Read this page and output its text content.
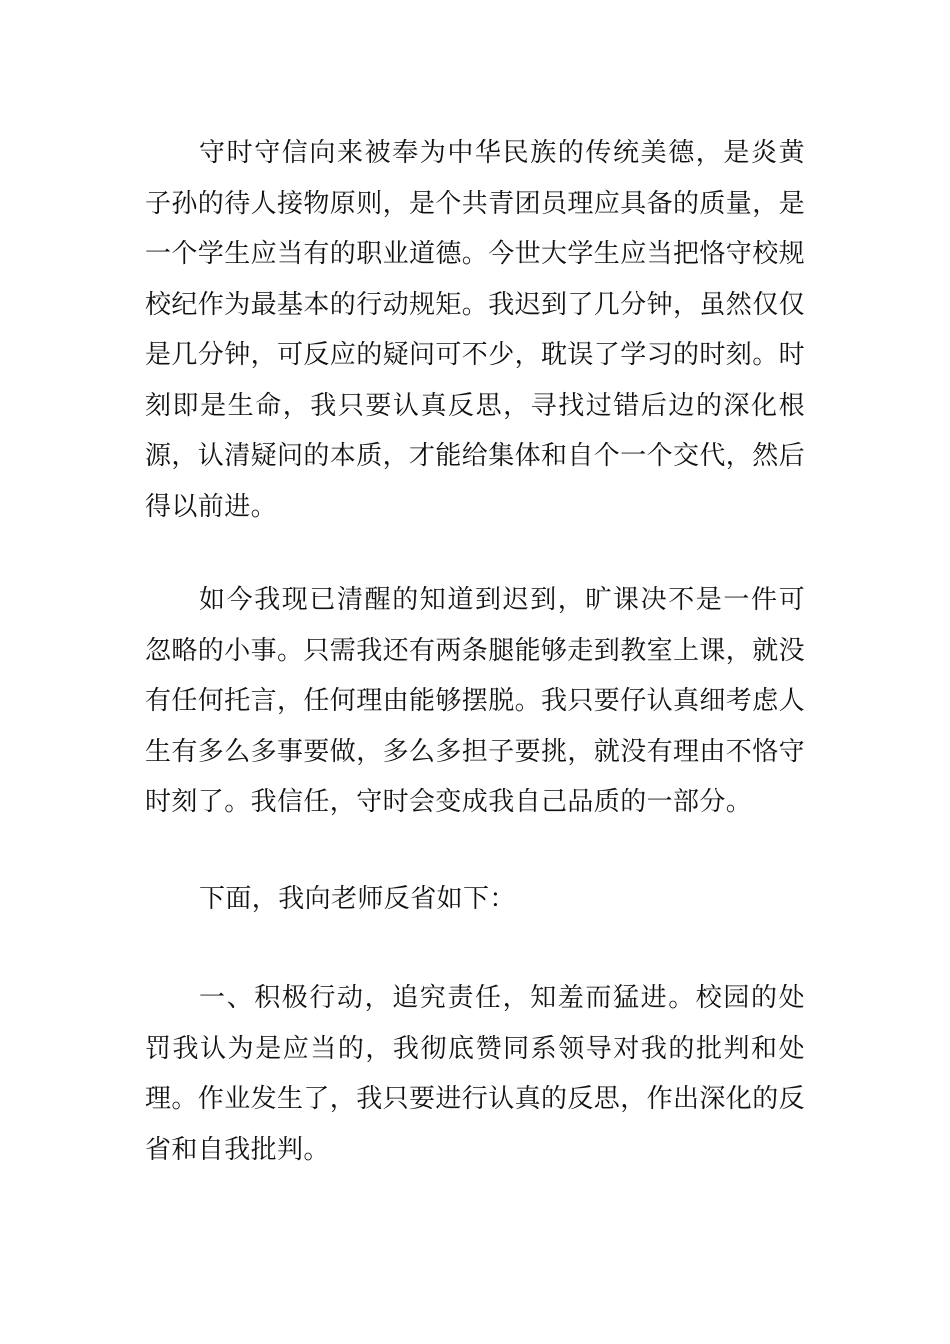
守时守信向来被奉为中华民族的传统美德，是炎黄子孙的待人接物原则，是个共青团员理应具备的质量，是一个学生应当有的职业道德。今世大学生应当把恪守校规校纪作为最基本的行动规矩。我迟到了几分钟，虽然仅仅是几分钟，可反应的疑问可不少，耽误了学习的时刻。时刻即是生命，我只要认真反思，寻找过错后边的深化根源，认清疑问的本质，才能给集体和自个一个交代，然后得以前进。

如今我现已清醒的知道到迟到，旷课决不是一件可忽略的小事。只需我还有两条腿能够走到教室上课，就没有任何托言，任何理由能够摆脱。我只要仔认真细考虑人生有多么多事要做，多么多担子要挑，就没有理由不恪守时刻了。我信任，守时会变成我自己品质的一部分。

下面，我向老师反省如下：

一、积极行动，追究责任，知羞而猛进。校园的处罚我认为是应当的，我彻底赞同系领导对我的批判和处理。作业发生了，我只要进行认真的反思，作出深化的反省和自我批判。
